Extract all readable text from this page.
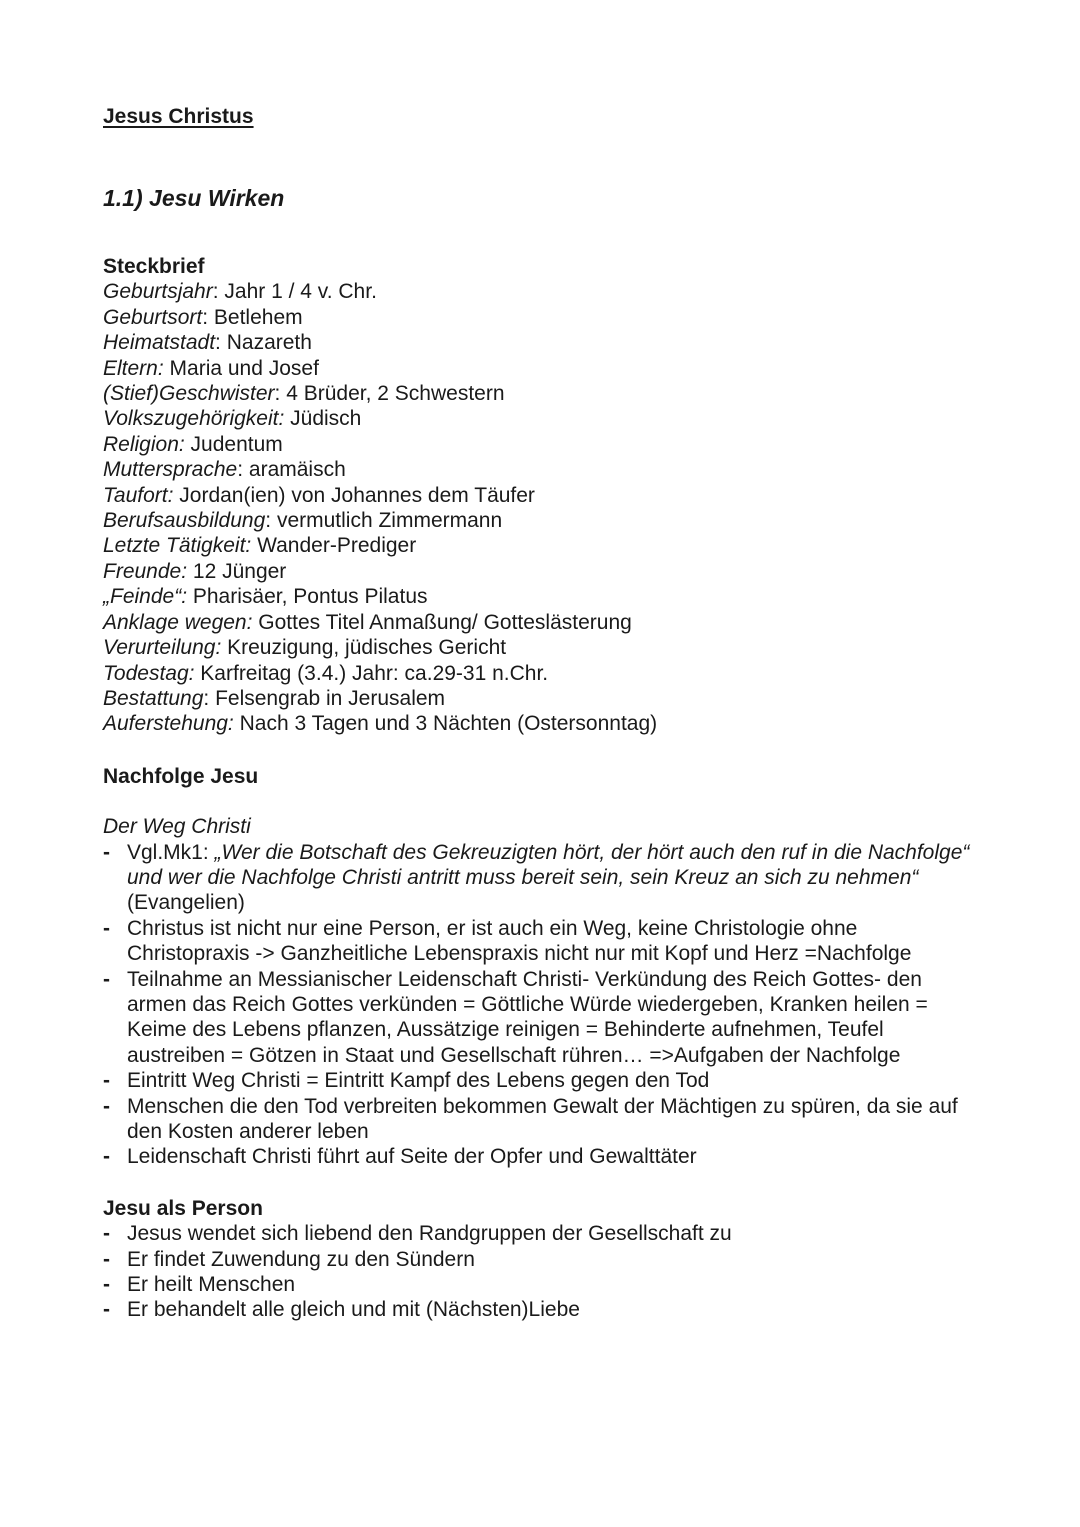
Jesus Christus
1.1) Jesu Wirken
Steckbrief
Geburtsjahr: Jahr 1 / 4 v. Chr.
Geburtsort: Betlehem
Heimatstadt: Nazareth
Eltern: Maria und Josef
(Stief)Geschwister: 4 Brüder, 2 Schwestern
Volkszugehörigkeit: Jüdisch
Religion: Judentum
Muttersprache: aramäisch
Taufort: Jordan(ien) von Johannes dem Täufer
Berufsausbildung: vermutlich Zimmermann
Letzte Tätigkeit: Wander-Prediger
Freunde: 12 Jünger
„Feinde“: Pharisäer, Pontus Pilatus
Anklage wegen: Gottes Titel Anmaßung/ Gotteslästerung
Verurteilung: Kreuzigung, jüdisches Gericht
Todestag: Karfreitag (3.4.) Jahr: ca.29-31 n.Chr.
Bestattung: Felsengrab in Jerusalem
Auferstehung: Nach 3 Tagen und 3 Nächten (Ostersonntag)
Nachfolge Jesu
Der Weg Christi
- Vgl.Mk1: „Wer die Botschaft des Gekreuzigten hört, der hört auch den ruf in die Nachfolge“ und wer die Nachfolge Christi antritt muss bereit sein, sein Kreuz an sich zu nehmen“ (Evangelien)
- Christus ist nicht nur eine Person, er ist auch ein Weg, keine Christologie ohne Christopraxis -> Ganzheitliche Lebenspraxis nicht nur mit Kopf und Herz =Nachfolge
- Teilnahme an Messianischer Leidenschaft Christi- Verkündung des Reich Gottes- den armen das Reich Gottes verkünden = Göttliche Würde wiedergeben, Kranken heilen = Keime des Lebens pflanzen, Aussätzige reinigen = Behinderte aufnehmen, Teufel austreiben = Götzen in Staat und Gesellschaft rühren… =>Aufgaben der Nachfolge
- Eintritt Weg Christi = Eintritt Kampf des Lebens gegen den Tod
- Menschen die den Tod verbreiten bekommen Gewalt der Mächtigen zu spüren, da sie auf den Kosten anderer leben
- Leidenschaft Christi führt auf Seite der Opfer und Gewalttäter
Jesu als Person
- Jesus wendet sich liebend den Randgruppen der Gesellschaft zu
- Er findet Zuwendung zu den Sündern
- Er heilt Menschen
- Er behandelt alle gleich und mit (Nächsten)Liebe
